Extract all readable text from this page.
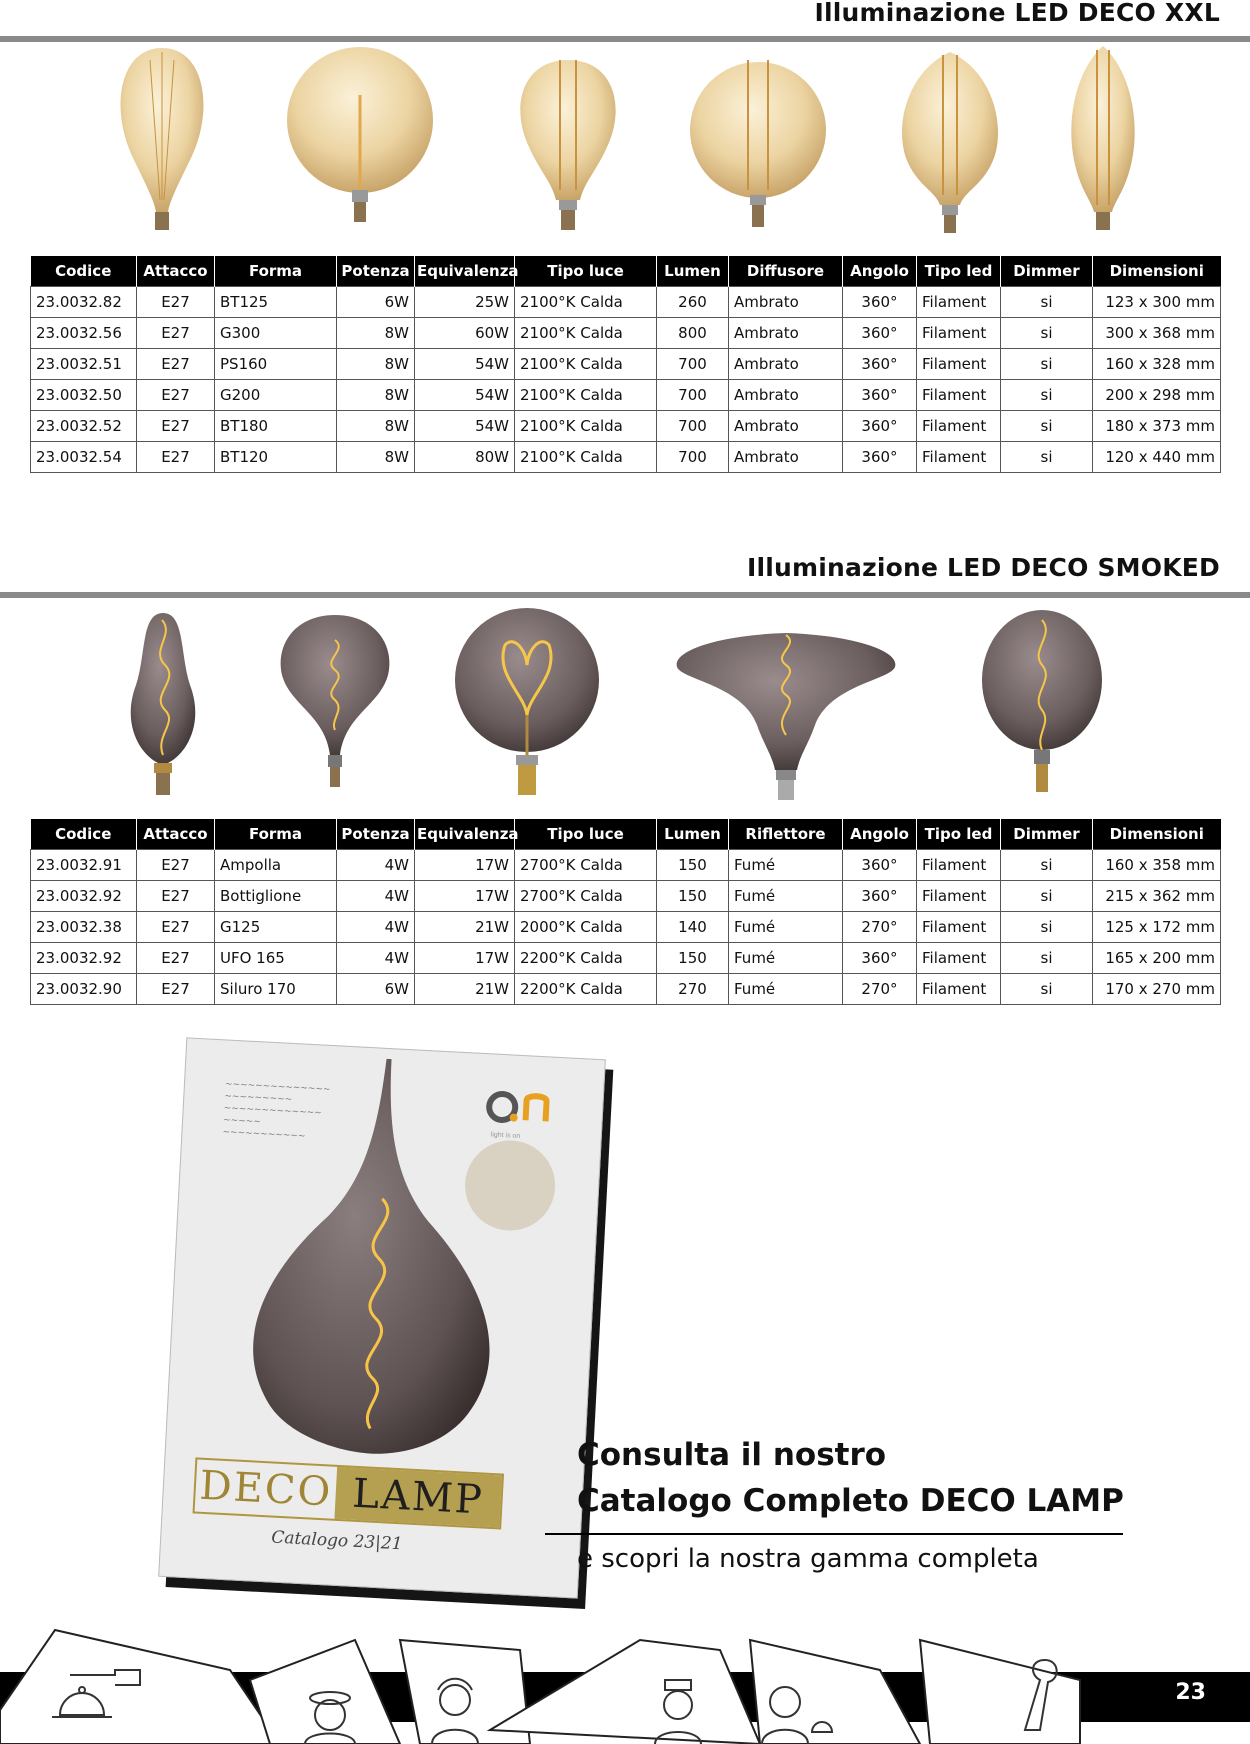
Illuminazione LED DECO XXL
Codice	Attacco	Forma	Potenza	Equivalenza	Tipo luce	Lumen	Diffusore	Angolo	Tipo led	Dimmer	Dimensioni
23.0032.82	E27	BT125	6W	25W	2100°K Calda	260	Ambrato	360°	Filament	si	123 x 300 mm
23.0032.56	E27	G300	8W	60W	2100°K Calda	800	Ambrato	360°	Filament	si	300 x 368 mm
23.0032.51	E27	PS160	8W	54W	2100°K Calda	700	Ambrato	360°	Filament	si	160 x 328 mm
23.0032.50	E27	G200	8W	54W	2100°K Calda	700	Ambrato	360°	Filament	si	200 x 298 mm
23.0032.52	E27	BT180	8W	54W	2100°K Calda	700	Ambrato	360°	Filament	si	180 x 373 mm
23.0032.54	E27	BT120	8W	80W	2100°K Calda	700	Ambrato	360°	Filament	si	120 x 440 mm
Illuminazione LED DECO SMOKED
Codice	Attacco	Forma	Potenza	Equivalenza	Tipo luce	Lumen	Riflettore	Angolo	Tipo led	Dimmer	Dimensioni
23.0032.91	E27	Ampolla	4W	17W	2700°K Calda	150	Fumé	360°	Filament	si	160 x 358 mm
23.0032.92	E27	Bottiglione	4W	17W	2700°K Calda	150	Fumé	360°	Filament	si	215 x 362 mm
23.0032.38	E27	G125	4W	21W	2000°K Calda	140	Fumé	270°	Filament	si	125 x 172 mm
23.0032.92	E27	UFO 165	4W	17W	2200°K Calda	150	Fumé	360°	Filament	si	165 x 200 mm
23.0032.90	E27	Siluro 170	6W	21W	2200°K Calda	270	Fumé	270°	Filament	si	170 x 270 mm
~~~~~~~~~~~~~~
~~~~~~~~~
~~~~~~~~~~~~~
~~~~~
~~~~~~~~~~~	light is on
DECO LAMP
Catalogo 23|21
Consulta il nostro
Catalogo Completo DECO LAMP
e scopri la nostra gamma completa
23
